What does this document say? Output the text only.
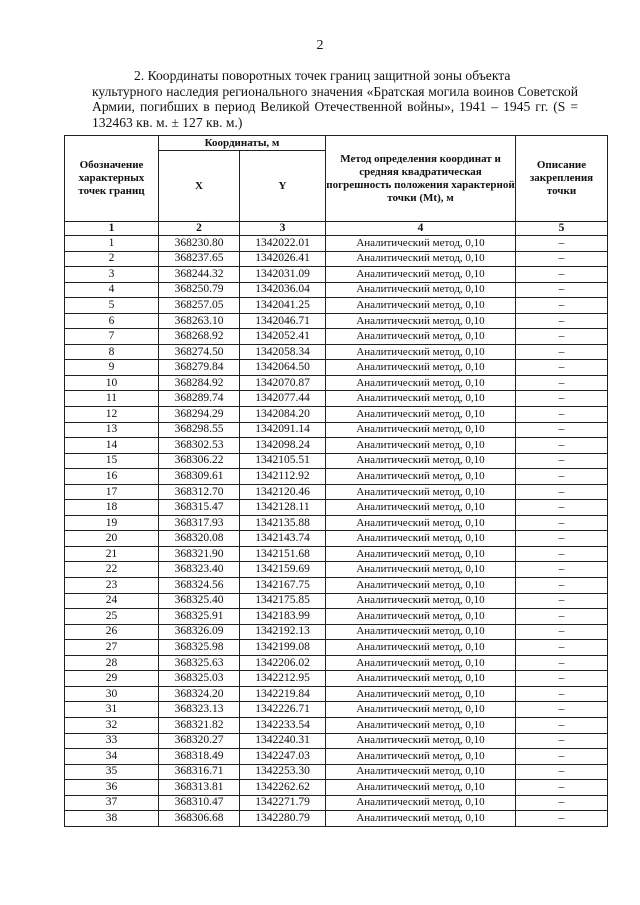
2

2. Координаты поворотных точек границ защитной зоны объекта

культурного наследия регионального значения «Братская могила воинов Советской Армии, погибших в период Великой Отечественной войны», 1941 – 1945 гг. (S = 132463 кв. м. ± 127 кв. м.)

Обозначение характерных точек границ	Координаты, м		Метод определения координат и средняя квадратическая погрешность положения характерной точки (Mt), м	Описание закрепления точки
	X	Y		
1	2	3	4	5
1	368230.80	1342022.01	Аналитический метод, 0,10	–
2	368237.65	1342026.41	Аналитический метод, 0,10	–
3	368244.32	1342031.09	Аналитический метод, 0,10	–
4	368250.79	1342036.04	Аналитический метод, 0,10	–
5	368257.05	1342041.25	Аналитический метод, 0,10	–
6	368263.10	1342046.71	Аналитический метод, 0,10	–
7	368268.92	1342052.41	Аналитический метод, 0,10	–
8	368274.50	1342058.34	Аналитический метод, 0,10	–
9	368279.84	1342064.50	Аналитический метод, 0,10	–
10	368284.92	1342070.87	Аналитический метод, 0,10	–
11	368289.74	1342077.44	Аналитический метод, 0,10	–
12	368294.29	1342084.20	Аналитический метод, 0,10	–
13	368298.55	1342091.14	Аналитический метод, 0,10	–
14	368302.53	1342098.24	Аналитический метод, 0,10	–
15	368306.22	1342105.51	Аналитический метод, 0,10	–
16	368309.61	1342112.92	Аналитический метод, 0,10	–
17	368312.70	1342120.46	Аналитический метод, 0,10	–
18	368315.47	1342128.11	Аналитический метод, 0,10	–
19	368317.93	1342135.88	Аналитический метод, 0,10	–
20	368320.08	1342143.74	Аналитический метод, 0,10	–
21	368321.90	1342151.68	Аналитический метод, 0,10	–
22	368323.40	1342159.69	Аналитический метод, 0,10	–
23	368324.56	1342167.75	Аналитический метод, 0,10	–
24	368325.40	1342175.85	Аналитический метод, 0,10	–
25	368325.91	1342183.99	Аналитический метод, 0,10	–
26	368326.09	1342192.13	Аналитический метод, 0,10	–
27	368325.98	1342199.08	Аналитический метод, 0,10	–
28	368325.63	1342206.02	Аналитический метод, 0,10	–
29	368325.03	1342212.95	Аналитический метод, 0,10	–
30	368324.20	1342219.84	Аналитический метод, 0,10	–
31	368323.13	1342226.71	Аналитический метод, 0,10	–
32	368321.82	1342233.54	Аналитический метод, 0,10	–
33	368320.27	1342240.31	Аналитический метод, 0,10	–
34	368318.49	1342247.03	Аналитический метод, 0,10	–
35	368316.71	1342253.30	Аналитический метод, 0,10	–
36	368313.81	1342262.62	Аналитический метод, 0,10	–
37	368310.47	1342271.79	Аналитический метод, 0,10	–
38	368306.68	1342280.79	Аналитический метод, 0,10	–
